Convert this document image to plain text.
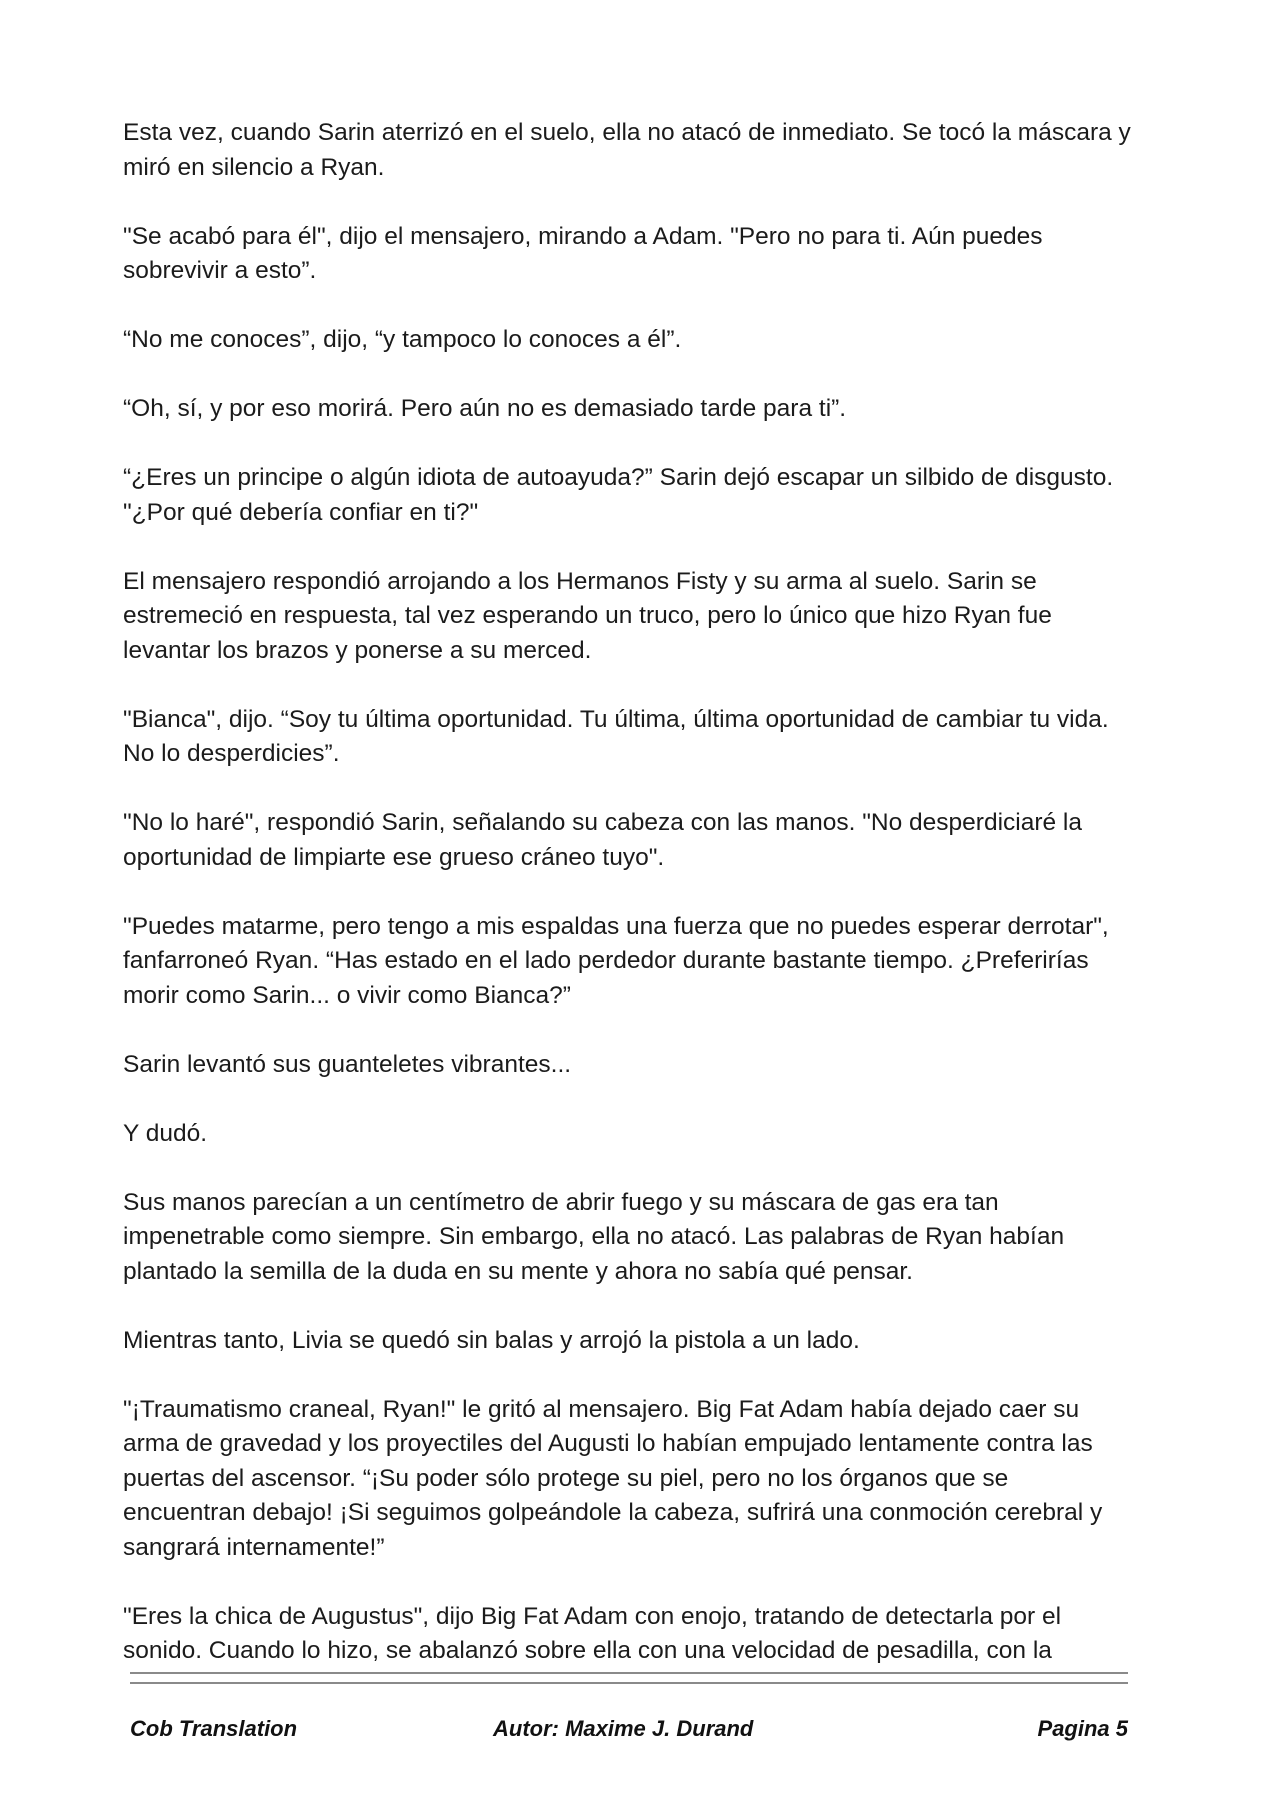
Esta vez, cuando Sarin aterrizó en el suelo, ella no atacó de inmediato. Se tocó la máscara y miró en silencio a Ryan.

"Se acabó para él", dijo el mensajero, mirando a Adam. "Pero no para ti. Aún puedes sobrevivir a esto”.

“No me conoces”, dijo, “y tampoco lo conoces a él”.

“Oh, sí, y por eso morirá. Pero aún no es demasiado tarde para ti”.

“¿Eres un principe o algún idiota de autoayuda?” Sarin dejó escapar un silbido de disgusto. "¿Por qué debería confiar en ti?"

El mensajero respondió arrojando a los Hermanos Fisty y su arma al suelo. Sarin se estremeció en respuesta, tal vez esperando un truco, pero lo único que hizo Ryan fue levantar los brazos y ponerse a su merced.

"Bianca", dijo. “Soy tu última oportunidad. Tu última, última oportunidad de cambiar tu vida. No lo desperdicies”.

"No lo haré", respondió Sarin, señalando su cabeza con las manos. "No desperdiciaré la oportunidad de limpiarte ese grueso cráneo tuyo".

"Puedes matarme, pero tengo a mis espaldas una fuerza que no puedes esperar derrotar", fanfarroneó Ryan. “Has estado en el lado perdedor durante bastante tiempo. ¿Preferirías morir como Sarin... o vivir como Bianca?”

Sarin levantó sus guanteletes vibrantes...

Y dudó.

Sus manos parecían a un centímetro de abrir fuego y su máscara de gas era tan impenetrable como siempre. Sin embargo, ella no atacó. Las palabras de Ryan habían plantado la semilla de la duda en su mente y ahora no sabía qué pensar.

Mientras tanto, Livia se quedó sin balas y arrojó la pistola a un lado.

"¡Traumatismo craneal, Ryan!" le gritó al mensajero. Big Fat Adam había dejado caer su arma de gravedad y los proyectiles del Augusti lo habían empujado lentamente contra las puertas del ascensor. “¡Su poder sólo protege su piel, pero no los órganos que se encuentran debajo! ¡Si seguimos golpeándole la cabeza, sufrirá una conmoción cerebral y sangrará internamente!”

"Eres la chica de Augustus", dijo Big Fat Adam con enojo, tratando de detectarla por el sonido. Cuando lo hizo, se abalanzó sobre ella con una velocidad de pesadilla, con la

Cob Translation	Autor: Maxime J. Durand	Pagina 5
